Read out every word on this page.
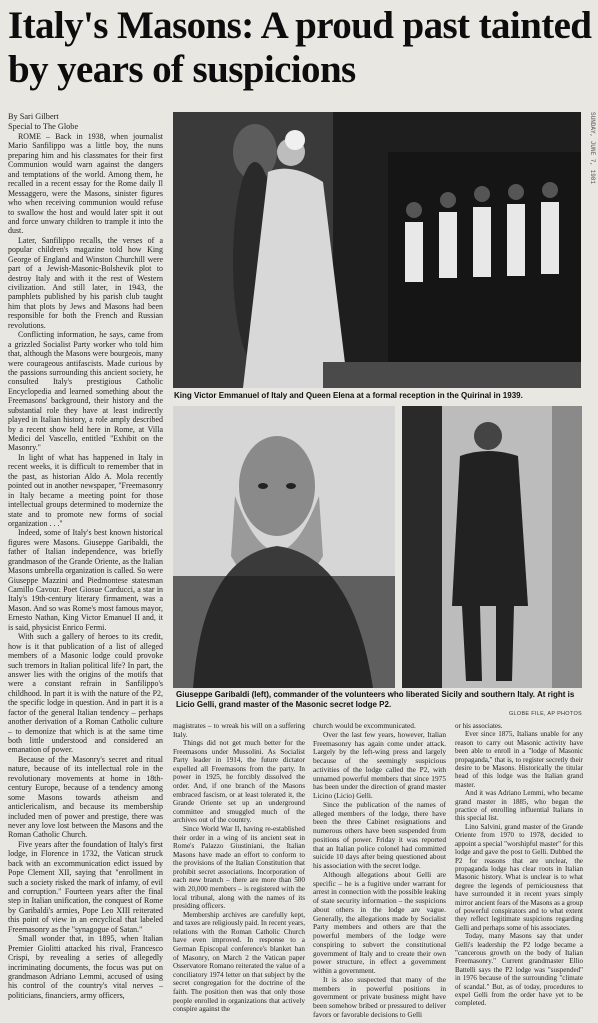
Italy's Masons: A proud past tainted by years of suspicions
By Sari Gilbert
Special to The Globe

ROME – Back in 1938, when journalist Mario Sanfilippo was a little boy, the nuns preparing him and his classmates for their first Communion would warn against the dangers and temptations of the world. Among them, he recalled in a recent essay for the Rome daily Il Messaggero, were the Masons, sinister figures who when receiving communion would refuse to swallow the host and would later spit it out and force unwary children to trample it into the dust.

Later, Sanfilippo recalls, the verses of a popular children's magazine told how King George of England and Winston Churchill were part of a Jewish-Masonic-Bolshevik plot to destroy Italy and with it the rest of Western civilization. And still later, in 1943, the pamphlets published by his parish club taught him that plots by Jews and Masons had been responsible for both the French and Russian revolutions.

Conflicting information, he says, came from a grizzled Socialist Party worker who told him that, although the Masons were bourgeois, many were courageous antifascists. Made curious by the passions surrounding this ancient society, he consulted Italy's prestigious Catholic Encyclopedia and learned something about the Freemasons' background, their history and the substantial role they have at least indirectly played in Italian history, a role amply described by a recent show held here in Rome, at Villa Medici del Vascello, entitled "Exhibit on the Masonry."

In light of what has happened in Italy in recent weeks, it is difficult to remember that in the past, as historian Aldo A. Mola recently pointed out in another newspaper, "Freemasonry in Italy became a meeting point for those intellectual groups determined to modernize the state and to promote new forms of social organization . . ."

Indeed, some of Italy's best known historical figures were Masons. Giuseppe Garibaldi, the father of Italian independence, was briefly grandmason of the Grande Oriente, as the Italian Masons umbrella organization is called. So were Giuseppe Mazzini and Piedmontese statesman Camillo Cavour. Poet Giosue Carducci, a star in Italy's 19th-century literary firmament, was a Mason. And so was Rome's most famous mayor, Ernesto Nathan, King Victor Emanuel II and, it is said, physicist Enrico Fermi.

With such a gallery of heroes to its credit, how is it that publication of a list of alleged members of a Masonic lodge could provoke such tremors in Italian political life? In part, the answer lies with the origins of the motifs that were a constant refrain in Sanfilippo's childhood. In part it is with the nature of the P2, the specific lodge in question. And in part it is a factor of the general Italian tendency – perhaps another derivation of a Roman Catholic culture – to demonize that which is at the same time both little understood and considered an emanation of power.

Because of the Masonry's secret and ritual nature, because of its intellectual role in the revolutionary movements at home in 18th-century Europe, because of a tendency among some Masons towards atheism and anticlericalism, and because its membership included men of power and prestige, there was never any love lost between the Masons and the Roman Catholic Church.

Five years after the foundation of Italy's first lodge, in Florence in 1732, the Vatican struck back with an excommunication edict issued by Pope Clement XII, saying that "enrollment in such a society risked the mark of infamy, of evil and corruption." Fourteen years after the final step in Italian unification, the conquest of Rome by Garibaldi's armies, Pope Leo XIII reiterated this point of view in an encyclical that labeled Freemasonry as the "synagogue of Satan."

Small wonder that, in 1895, when Italian Premier Giolitti attacked his rival, Francesco Crispi, by revealing a series of allegedly incriminating documents, the focus was put on grandmason Adriano Lemmi, accused of using his control of the country's vital nerves – politicians, financiers, army officers,

King Victor Emmanuel of Italy and Queen Elena at a formal reception in the Quirinal in 1939.
Giuseppe Garibaldi (left), commander of the volunteers who liberated Sicily and southern Italy. At right is Licio Gelli, grand master of the Masonic secret lodge P2.
GLOBE FILE, AP PHOTOS

magistrates – to wreak his will on a suffering Italy.

Things did not get much better for the Freemasons under Mussolini. As Socialist Party leader in 1914, the future dictator expelled all Freemasons from the party. In power in 1925, he forcibly dissolved the order. And, if one branch of the Masons embraced fascism, or at least tolerated it, the Grande Oriente set up an underground committee and smuggled much of the archives out of the country.

Since World War II, having re-established their order in a wing of its ancient seat in Rome's Palazzo Giustiniani, the Italian Masons have made an effort to conform to the provisions of the Italian Constitution that prohibit secret associations. Incorporation of each new branch – there are more than 500 with 20,000 members – is registered with the local tribunal, along with the names of its presiding officers.

Membership archives are carefully kept, and taxes are religiously paid. In recent years, relations with the Roman Catholic Church have even improved. In response to a German Episcopal conference's blanket ban of Masonry, on March 2 the Vatican paper Osservatore Romano reiterated the value of a conciliatory 1974 letter on that subject by the secret congregation for the doctrine of the faith. The position then was that only those people enrolled in organizations that actively conspire against the

church would be excommunicated.

Over the last few years, however, Italian Freemasonry has again come under attack. Largely by the left-wing press and largely because of the seemingly suspicious activities of the lodge called the P2, with unnamed powerful members that since 1975 has been under the direction of grand master Licino (Licio) Gelli.

Since the publication of the names of alleged members of the lodge, there have been the three Cabinet resignations and numerous others have been suspended from positions of power. Friday it was reported that an Italian police colonel had committed suicide 10 days after being questioned about his association with the secret lodge.

Although allegations about Gelli are specific – he is a fugitive under warrant for arrest in connection with the possible leaking of state security information – the suspicions about others in the lodge are vague. Generally, the allegations made by Socialist Party members and others are that the powerful members of the lodge were conspiring to subvert the constitutional government of Italy and to create their own power structure, in effect a government within a government.

It is also suspected that many of the members in powerful positions in government or private business might have been somehow bribed or pressured to deliver favors or favorable decisions to Gelli

or his associates.

Ever since 1875, Italians unable for any reason to carry out Masonic activity have been able to enroll in a "lodge of Masonic propaganda," that is, to register secretly their desire to be Masons. Historically the titular head of this lodge was the Italian grand master.

And it was Adriano Lemmi, who became grand master in 1885, who began the practice of enrolling influential Italians in this special list.

Lino Salvini, grand master of the Grande Oriente from 1970 to 1978, decided to appoint a special "worshipful master" for this lodge and gave the post to Gelli. Dubbed the P2 for reasons that are unclear, the propaganda lodge has clear roots in Italian Masonic history. What is unclear is to what degree the legends of perniciousness that have surrounded it in recent years simply mirror ancient fears of the Masons as a group of powerful conspirators and to what extent they reflect legitimate suspicions regarding Gelli and perhaps some of his associates.

Today, many Masons say that under Gelli's leadership the P2 lodge became a "cancerous growth on the body of Italian Freemasonry." Current grandmaster Ellio Battelli says the P2 lodge was "suspended" in 1976 because of the surrounding "climate of scandal." But, as of today, procedures to expel Gelli from the order have yet to be completed.

SUNDAY, JUNE 7, 1981
